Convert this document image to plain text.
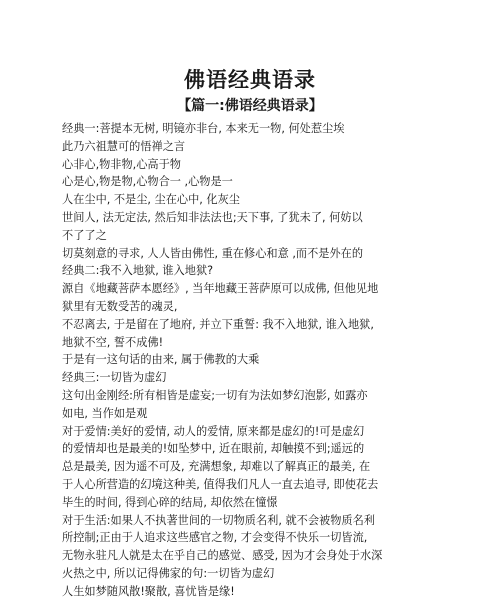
佛语经典语录
【篇一:佛语经典语录】
经典一:菩提本无树, 明镜亦非台, 本来无一物, 何处惹尘埃
此乃六祖慧可的悟禅之言
心非心,物非物,心高于物
心是心,物是物,心物合一 ,心物是一
人在尘中, 不是尘, 尘在心中, 化灰尘
世间人, 法无定法, 然后知非法法也;天下事, 了犹未了, 何妨以
不了了之
切莫刻意的寻求, 人人皆由佛性, 重在修心和意 ,而不是外在的
经典二:我不入地狱, 谁入地狱?
源自《地藏菩萨本愿经》, 当年地藏王菩萨原可以成佛, 但他见地
狱里有无数受苦的魂灵,
不忍离去, 于是留在了地府, 并立下重誓: 我不入地狱, 谁入地狱,
地狱不空, 誓不成佛!
于是有一这句话的由来, 属于佛教的大乘
经典三:一切皆为虚幻
这句出金刚经:所有相皆是虚妄;一切有为法如梦幻泡影, 如露亦
如电, 当作如是观
对于爱情:美好的爱情, 动人的爱情, 原来都是虚幻的!可是虚幻
的爱情却也是最美的!如坠梦中, 近在眼前, 却触摸不到;遥远的
总是最美, 因为遥不可及, 充满想象, 却难以了解真正的最美, 在
于人心所营造的幻境这种美, 值得我们凡人一直去追寻, 即使花去
毕生的时间, 得到心碎的结局, 却依然在憧憬
对于生活:如果人不执著世间的一切物质名利, 就不会被物质名利
所控制;正由于人追求这些感官之物, 才会变得不快乐一切皆流,
无物永驻凡人就是太在乎自己的感觉、感受, 因为才会身处于水深
火热之中, 所以记得佛家的句:一切皆为虚幻
人生如梦随风散!聚散, 喜忧皆是缘!
